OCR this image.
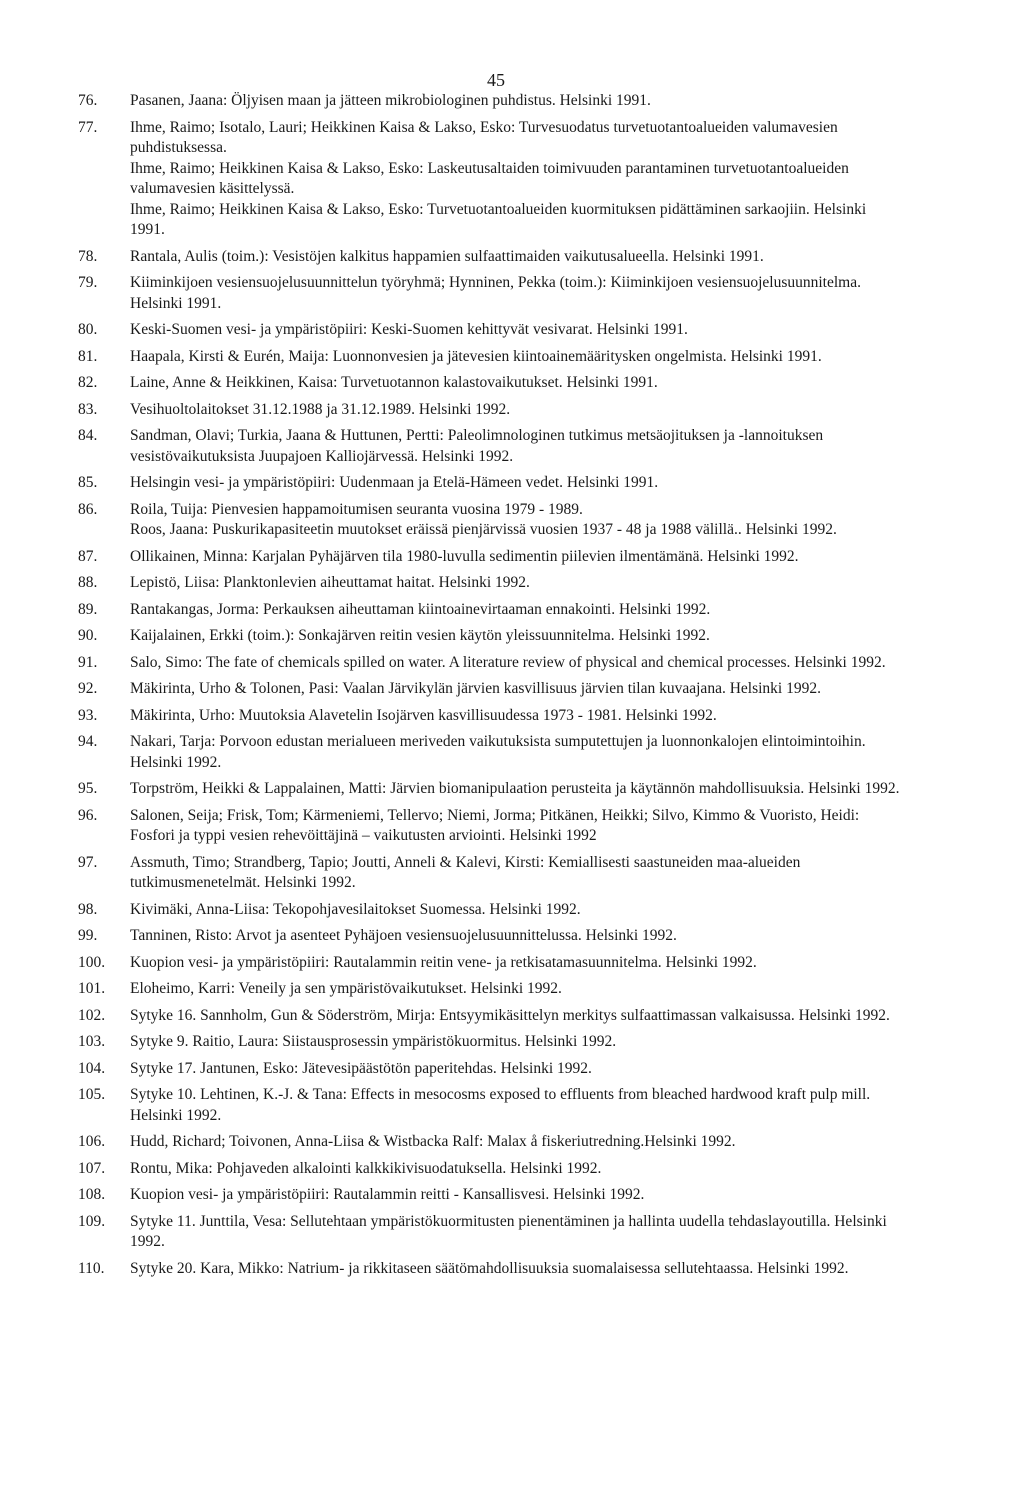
45
76.	Pasanen, Jaana: Öljyisen maan ja jätteen mikrobiologinen puhdistus. Helsinki 1991.
77.	Ihme, Raimo; Isotalo, Lauri; Heikkinen Kaisa & Lakso, Esko: Turvesuodatus turvetuotantoalueiden valumavesien puhdistuksessa.
Ihme, Raimo; Heikkinen Kaisa & Lakso, Esko: Laskeutusaltaiden toimivuuden parantaminen turvetuotantoalueiden valumavesien käsittelyssä.
Ihme, Raimo; Heikkinen Kaisa & Lakso, Esko: Turvetuotantoalueiden kuormituksen pidättäminen sarkaojiin. Helsinki 1991.
78.	Rantala, Aulis (toim.): Vesistöjen kalkitus happamien sulfaattimaiden vaikutusalueella. Helsinki 1991.
79.	Kiiminkijoen vesiensuojelusuunnittelun työryhmä; Hynninen, Pekka (toim.): Kiiminkijoen vesiensuojelusuunnitelma. Helsinki 1991.
80.	Keski-Suomen vesi- ja ympäristöpiiri: Keski-Suomen kehittyvät vesivarat. Helsinki 1991.
81.	Haapala, Kirsti & Eurén, Maija: Luonnonvesien ja jätevesien kiintoainemääritysken ongelmista. Helsinki 1991.
82.	Laine, Anne & Heikkinen, Kaisa: Turvetuotannon kalastovaikutukset. Helsinki 1991.
83.	Vesihuoltolaitokset 31.12.1988 ja 31.12.1989. Helsinki 1992.
84.	Sandman, Olavi; Turkia, Jaana & Huttunen, Pertti: Paleolimnologinen tutkimus metsäojituksen ja -lannoituksen vesistövaikutuksista Juupajoen Kalliojärvessä. Helsinki 1992.
85.	Helsingin vesi- ja ympäristöpiiri: Uudenmaan ja Etelä-Hämeen vedet. Helsinki 1991.
86.	Roila, Tuija: Pienvesien happamoitumisen seuranta vuosina 1979 - 1989.
Roos, Jaana: Puskurikapasiteetin muutokset eräissä pienjärvissä vuosien 1937 - 48 ja 1988 välillä.. Helsinki 1992.
87.	Ollikainen, Minna: Karjalan Pyhäjärven tila 1980-luvulla sedimentin piilevien ilmentämänä. Helsinki 1992.
88.	Lepistö, Liisa: Planktonlevien aiheuttamat haitat. Helsinki 1992.
89.	Rantakangas, Jorma: Perkauksen aiheuttaman kiintoainevirtaaman ennakointi. Helsinki 1992.
90.	Kaijalainen, Erkki (toim.): Sonkajärven reitin vesien käytön yleissuunnitelma. Helsinki 1992.
91.	Salo, Simo: The fate of chemicals spilled on water. A literature review of physical and chemical processes. Helsinki 1992.
92.	Mäkirinta, Urho & Tolonen, Pasi: Vaalan Järvikylän järvien kasvillisuus järvien tilan kuvaajana. Helsinki 1992.
93.	Mäkirinta, Urho: Muutoksia Alavetelin Isojärven kasvillisuudessa 1973 - 1981. Helsinki 1992.
94.	Nakari, Tarja: Porvoon edustan merialueen meriveden vaikutuksista sumputettujen ja luonnonkalojen elintoimintoihin. Helsinki 1992.
95.	Torpström, Heikki & Lappalainen, Matti: Järvien biomanipulaation perusteita ja käytännön mahdollisuuksia. Helsinki 1992.
96.	Salonen, Seija; Frisk, Tom; Kärmeniemi, Tellervo; Niemi, Jorma; Pitkänen, Heikki; Silvo, Kimmo & Vuoristo, Heidi: Fosfori ja typpi vesien rehevöittäjinä – vaikutusten arviointi. Helsinki 1992
97.	Assmuth, Timo; Strandberg, Tapio; Joutti, Anneli & Kalevi, Kirsti: Kemiallisesti saastuneiden maa-alueiden tutkimusmenetelmät. Helsinki 1992.
98.	Kivimäki, Anna-Liisa: Tekopohjavesilaitokset Suomessa. Helsinki 1992.
99.	Tanninen, Risto: Arvot ja asenteet Pyhäjoen vesiensuojelusuunnittelussa. Helsinki 1992.
100.	Kuopion vesi- ja ympäristöpiiri: Rautalammin reitin vene- ja retkisatamasuunnitelma. Helsinki 1992.
101.	Eloheimo, Karri: Veneily ja sen ympäristövaikutukset. Helsinki 1992.
102.	Sytyke 16. Sannholm, Gun & Söderström, Mirja: Entsyymikäsittelyn merkitys sulfaattimassan valkaisussa. Helsinki 1992.
103.	Sytyke 9. Raitio, Laura: Siistausprosessin ympäristökuormitus. Helsinki 1992.
104.	Sytyke 17. Jantunen, Esko: Jätevesipäästötön paperitehdas. Helsinki 1992.
105.	Sytyke 10. Lehtinen, K.-J. & Tana: Effects in mesocosms exposed to effluents from bleached hardwood kraft pulp mill. Helsinki 1992.
106.	Hudd, Richard; Toivonen, Anna-Liisa & Wistbacka Ralf: Malax å fiskeriutredning.Helsinki 1992.
107.	Rontu, Mika: Pohjaveden alkalointi kalkkikivisuodatuksella. Helsinki 1992.
108.	Kuopion vesi- ja ympäristöpiiri: Rautalammin reitti - Kansallisvesi. Helsinki 1992.
109.	Sytyke 11. Junttila, Vesa: Sellutehtaan ympäristökuormitusten pienentäminen ja hallinta uudella tehdaslayoutilla. Helsinki 1992.
110.	Sytyke 20. Kara, Mikko: Natrium- ja rikkitaseen säätömahdollisuuksia suomalaisessa sellutehtaassa. Helsinki 1992.
